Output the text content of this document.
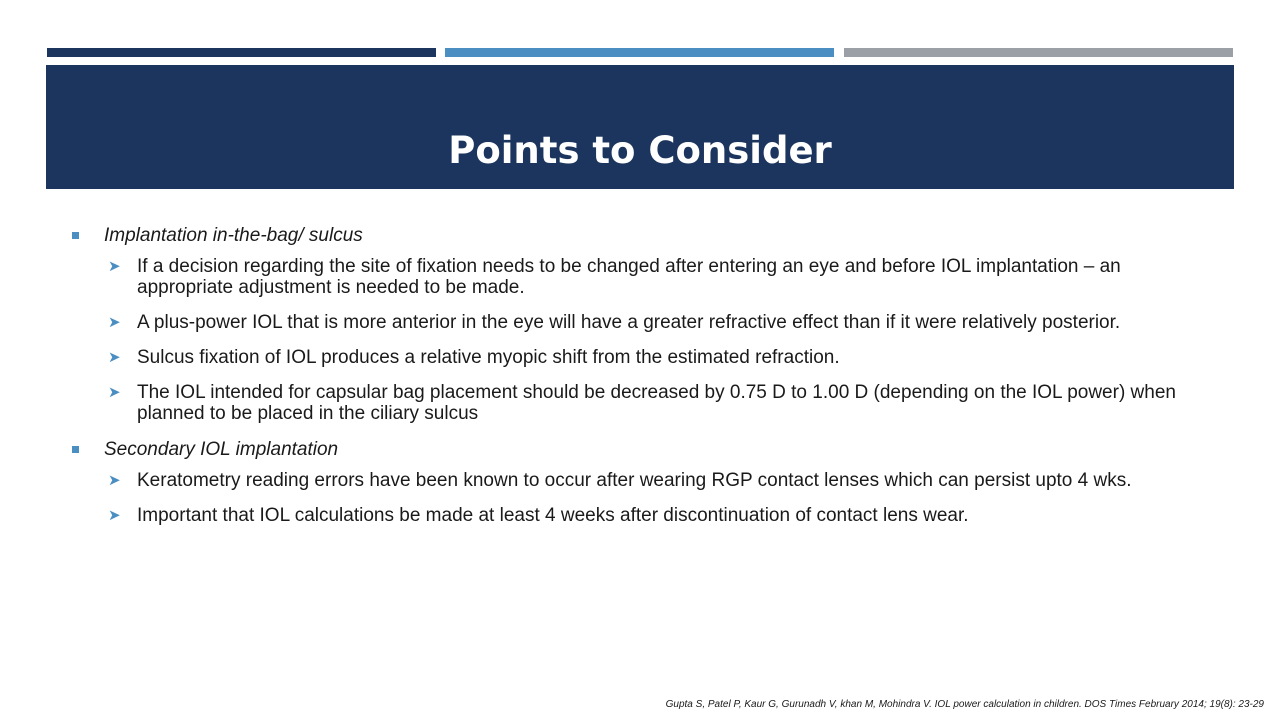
Points to Consider
Implantation in-the-bag/ sulcus
➤ If a decision regarding the site of fixation needs to be changed after entering an eye and before IOL implantation – an appropriate adjustment is needed to be made.
➤ A plus-power IOL that is more anterior in the eye will have a greater refractive effect than if it were relatively posterior.
➤ Sulcus fixation of IOL produces a relative myopic shift from the estimated refraction.
➤ The IOL intended for capsular bag placement should be decreased by 0.75 D to 1.00 D (depending on the IOL power) when planned to be placed in the ciliary sulcus
Secondary IOL implantation
➤ Keratometry reading errors have been known to occur after wearing RGP contact lenses which can persist upto 4 wks.
➤ Important that IOL calculations be made at least 4 weeks after discontinuation of contact lens wear.
Gupta S, Patel P, Kaur G, Gurunadh V, khan M, Mohindra V. IOL power calculation in children. DOS Times February 2014; 19(8): 23-29
